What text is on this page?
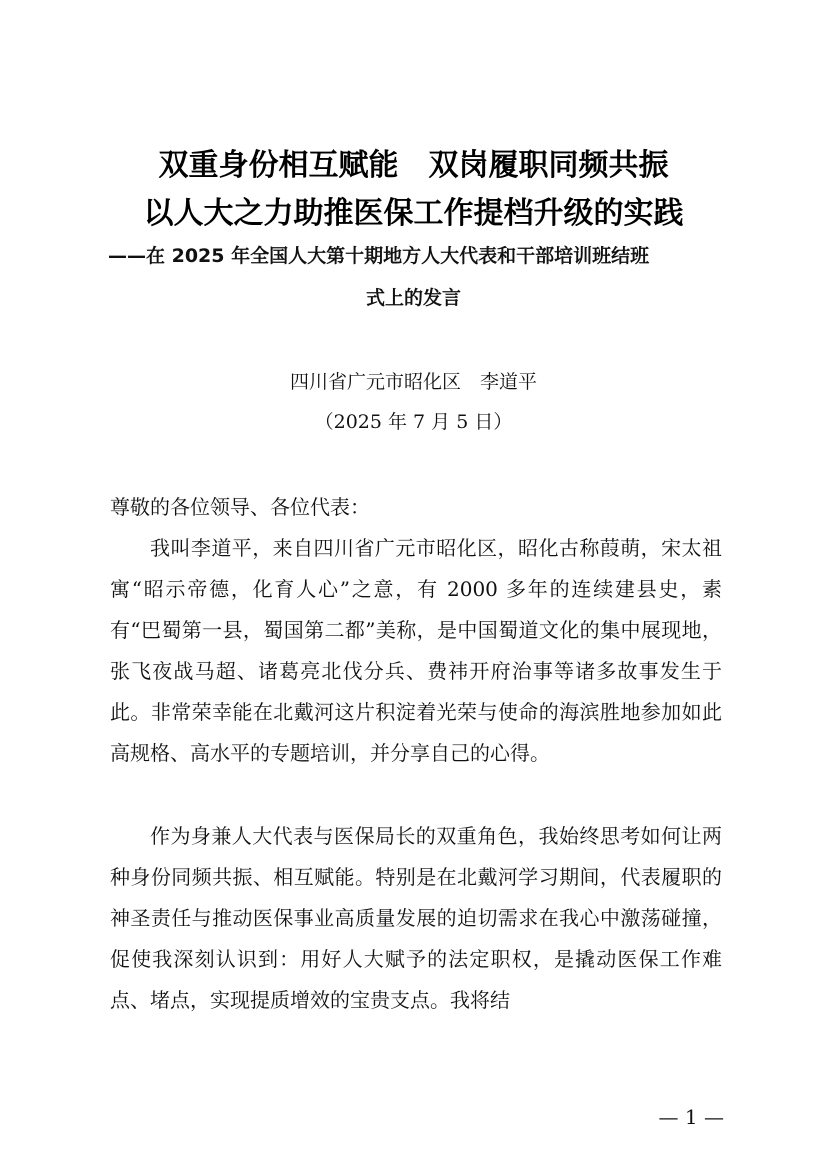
双重身份相互赋能　双岗履职同频共振
以人大之力助推医保工作提档升级的实践
——在 2025 年全国人大第十期地方人大代表和干部培训班结班
式上的发言
四川省广元市昭化区　李道平
（2025 年 7 月 5 日）
尊敬的各位领导、各位代表：
我叫李道平，来自四川省广元市昭化区，昭化古称葭萌，宋太祖寓“昭示帝德，化育人心”之意，有 2000 多年的连续建县史，素有“巴蜀第一县，蜀国第二都”美称，是中国蜀道文化的集中展现地，张飞夜战马超、诸葛亮北伐分兵、费祎开府治事等诸多故事发生于此。非常荣幸能在北戴河这片积淀着光荣与使命的海滨胜地参加如此高规格、高水平的专题培训，并分享自己的心得。
作为身兼人大代表与医保局长的双重角色，我始终思考如何让两种身份同频共振、相互赋能。特别是在北戴河学习期间，代表履职的神圣责任与推动医保事业高质量发展的迫切需求在我心中激荡碰撞，促使我深刻认识到：用好人大赋予的法定职权，是撬动医保工作难点、堵点，实现提质增效的宝贵支点。我将结
— 1 —
